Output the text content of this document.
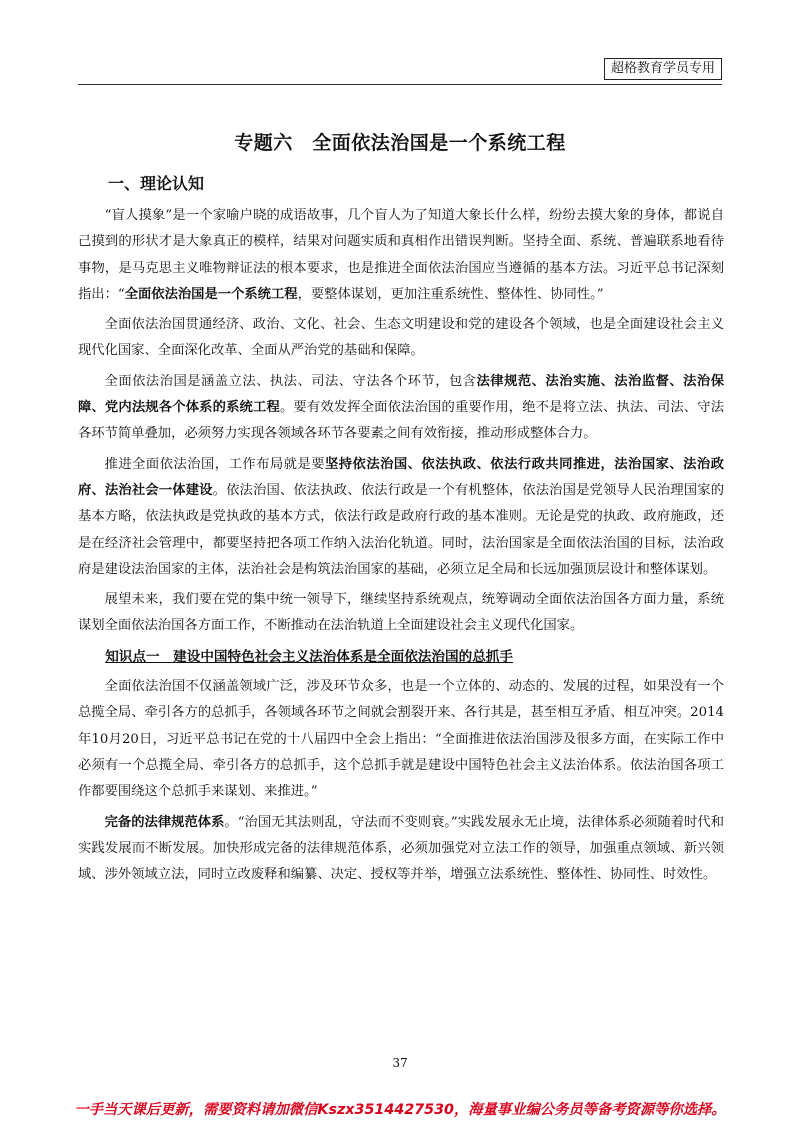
超格教育学员专用
专题六　全面依法治国是一个系统工程
一、理论认知

“盲人摸象”是一个家喻户晓的成语故事，几个盲人为了知道大象长什么样，纷纷去摸大象的身体，都说自己摸到的形状才是大象真正的模样，结果对问题实质和真相作出错误判断。坚持全面、系统、普遍联系地看待事物，是马克思主义唯物辩证法的根本要求，也是推进全面依法治国应当遵循的基本方法。习近平总书记深刻指出：“全面依法治国是一个系统工程，要整体谋划，更加注重系统性、整体性、协同性。”

全面依法治国贯通经济、政治、文化、社会、生态文明建设和党的建设各个领域，也是全面建设社会主义现代化国家、全面深化改革、全面从严治党的基础和保障。

全面依法治国是涵盖立法、执法、司法、守法各个环节，包含法律规范、法治实施、法治监督、法治保障、党内法规各个体系的系统工程。要有效发挥全面依法治国的重要作用，绝不是将立法、执法、司法、守法各环节简单叠加，必须努力实现各领域各环节各要素之间有效衔接，推动形成整体合力。

推进全面依法治国，工作布局就是要坚持依法治国、依法执政、依法行政共同推进，法治国家、法治政府、法治社会一体建设。依法治国、依法执政、依法行政是一个有机整体，依法治国是党领导人民治理国家的基本方略，依法执政是党执政的基本方式，依法行政是政府行政的基本准则。无论是党的执政、政府施政，还是在经济社会管理中，都要坚持把各项工作纳入法治化轨道。同时，法治国家是全面依法治国的目标，法治政府是建设法治国家的主体，法治社会是构筑法治国家的基础，必须立足全局和长远加强顶层设计和整体谋划。

展望未来，我们要在党的集中统一领导下，继续坚持系统观点，统筹调动全面依法治国各方面力量，系统谋划全面依法治国各方面工作，不断推动在法治轨道上全面建设社会主义现代化国家。

知识点一　建设中国特色社会主义法治体系是全面依法治国的总抓手

全面依法治国不仅涵盖领域广泛，涉及环节众多，也是一个立体的、动态的、发展的过程，如果没有一个总揽全局、牵引各方的总抓手，各领域各环节之间就会割裂开来、各行其是，甚至相互矛盾、相互冲突。2014年10月20日，习近平总书记在党的十八届四中全会上指出：“全面推进依法治国涉及很多方面，在实际工作中必须有一个总揽全局、牵引各方的总抓手，这个总抓手就是建设中国特色社会主义法治体系。依法治国各项工作都要围绕这个总抓手来谋划、来推进。”

完备的法律规范体系。“治国无其法则乱，守法而不变则衰。”实践发展永无止境，法律体系必须随着时代和实践发展而不断发展。加快形成完备的法律规范体系，必须加强党对立法工作的领导，加强重点领域、新兴领域、涉外领域立法，同时立改废释和编纂、决定、授权等并举，增强立法系统性、整体性、协同性、时效性。

37
一手当天课后更新，需要资料请加微信Kszx3514427530，海量事业编公务员等备考资源等你选择。
